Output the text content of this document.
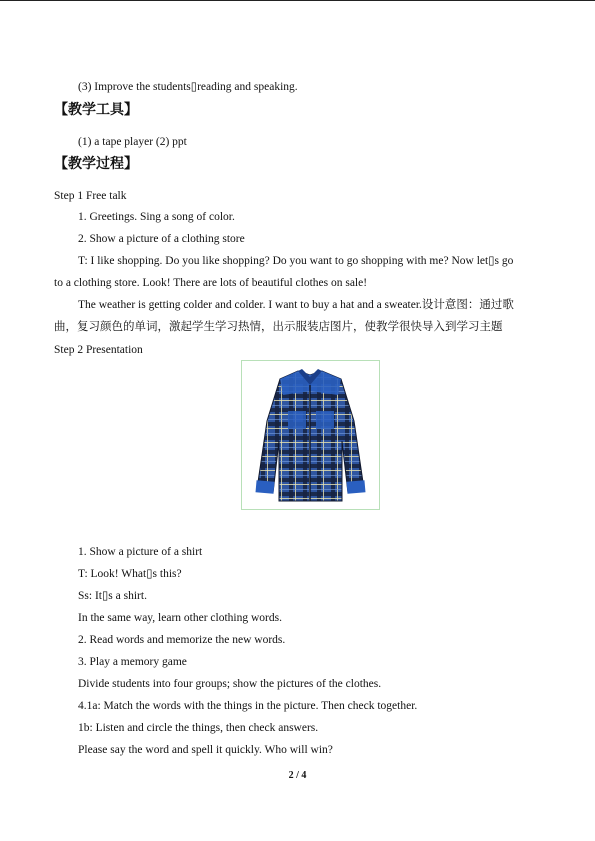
(3) Improve the students▯reading and speaking.
【教学工具】
(1) a tape player (2) ppt
【教学过程】
Step 1 Free talk
1. Greetings. Sing a song of color.
2. Show a picture of a clothing store
T: I like shopping. Do you like shopping? Do you want to go shopping with me? Now let▯s go
to a clothing store. Look! There are lots of beautiful clothes on sale!
The weather is getting colder and colder. I want to buy a hat and a sweater.设计意图：通过歌
曲，复习颜色的单词，激起学生学习热情，出示服装店图片，使教学很快导入到学习主题
Step 2 Presentation
1. Show a picture of a shirt
T: Look! What▯s this?
Ss: It▯s a shirt.
In the same way, learn other clothing words.
2. Read words and memorize the new words.
3. Play a memory game
Divide students into four groups; show the pictures of the clothes.
4.1a: Match the words with the things in the picture. Then check together.
1b: Listen and circle the things, then check answers.
Please say the word and spell it quickly. Who will win?
2 / 4
